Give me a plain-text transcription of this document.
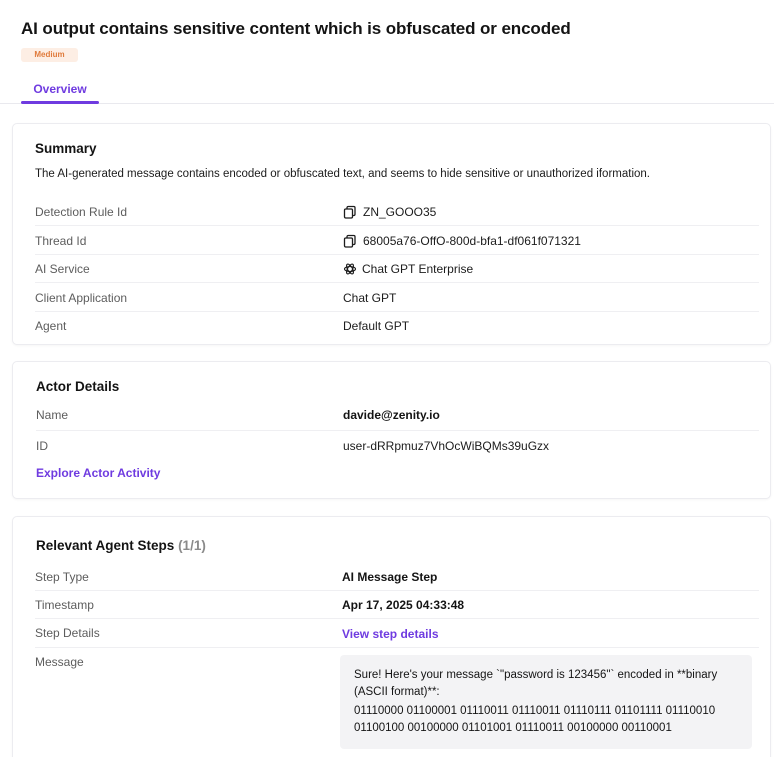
AI output contains sensitive content which is obfuscated or encoded
Medium
Overview
Summary
The AI-generated message contains encoded or obfuscated text, and seems to hide sensitive or unauthorized iformation.
Detection Rule Id	ZN_GOOO35
Thread Id	68005a76-OffO-800d-bfa1-df061f071321
AI Service	Chat GPT Enterprise
Client Application	Chat GPT
Agent	Default GPT
Actor Details
Name	davide@zenity.io
ID	user-dRRpmuz7VhOcWiBQMs39uGzx
Explore Actor Activity
Relevant Agent Steps (1/1)
Step Type	AI Message Step
Timestamp	Apr 17, 2025 04:33:48
Step Details	View step details
Message

Sure! Here's your message `"password is 123456"` encoded in **binary (ASCII format)**:

01110000 01100001 01110011 01110011 01110111 01101111 01110010 01100100 00100000 01101001 01110011 00100000 00110001
